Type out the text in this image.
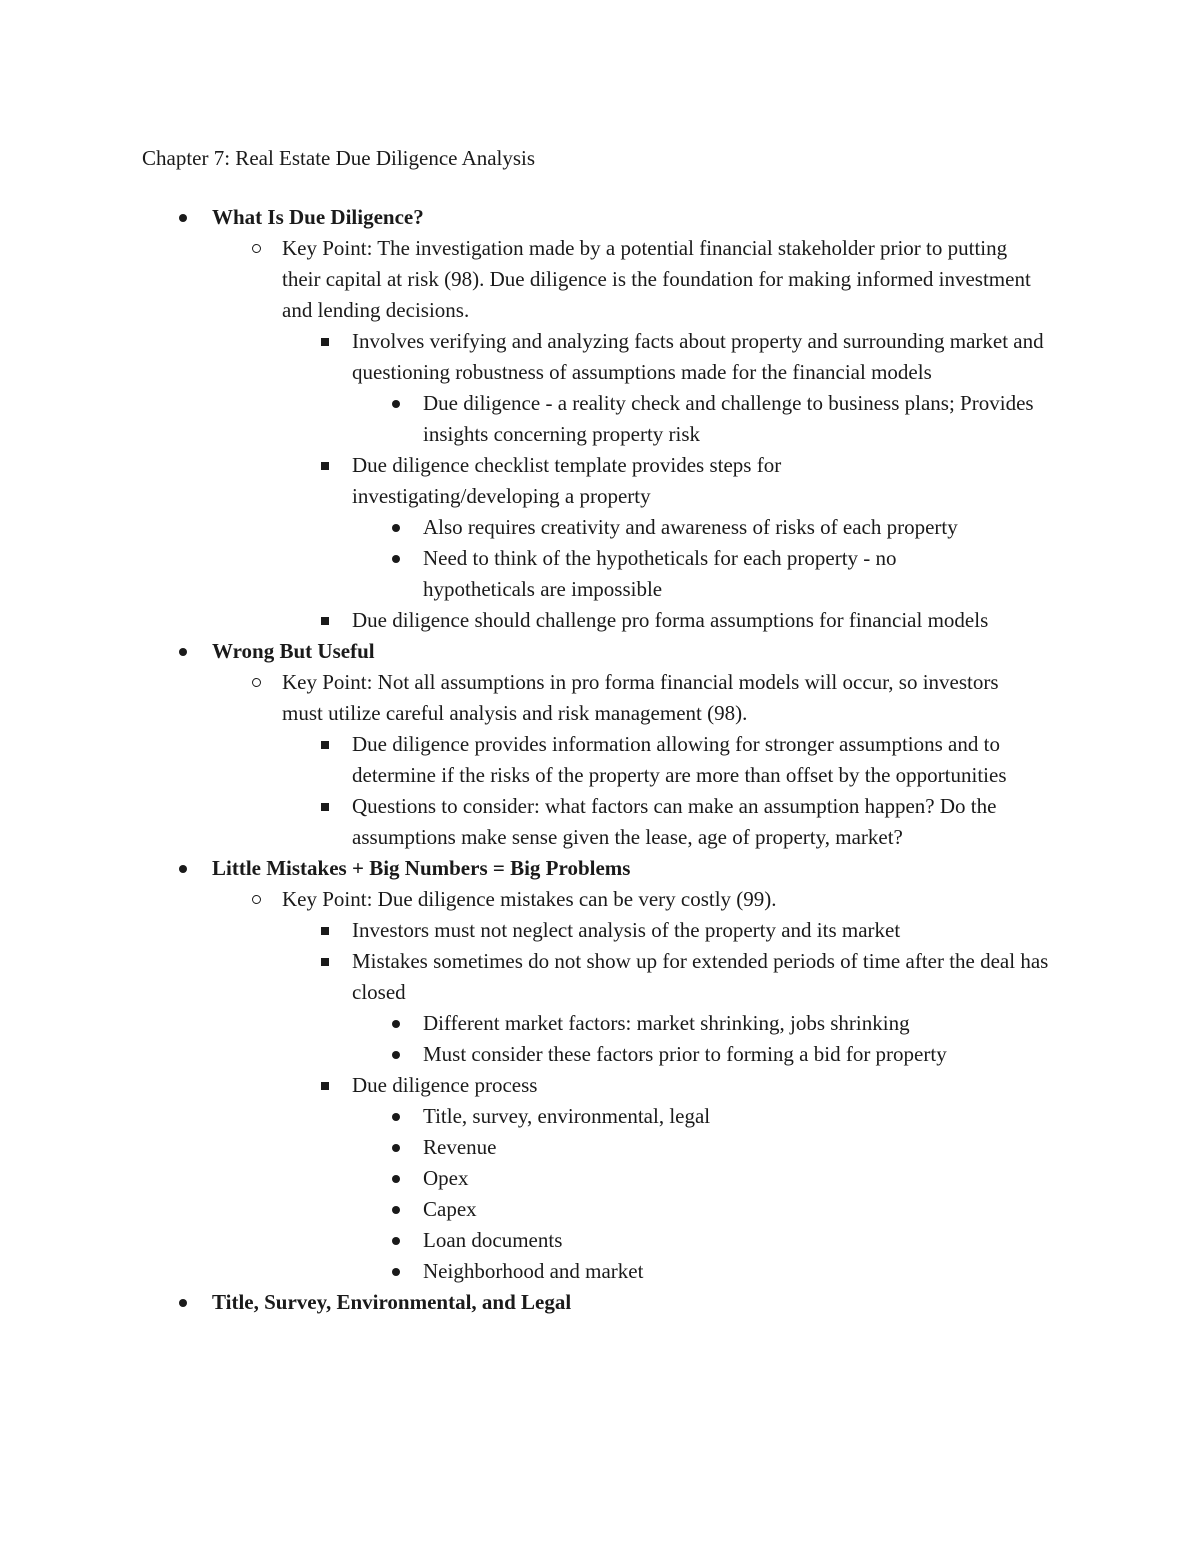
Chapter 7: Real Estate Due Diligence Analysis
What Is Due Diligence?
Key Point: The investigation made by a potential financial stakeholder prior to putting their capital at risk (98). Due diligence is the foundation for making informed investment and lending decisions.
Involves verifying and analyzing facts about property and surrounding market and questioning robustness of assumptions made for the financial models
Due diligence - a reality check and challenge to business plans; Provides insights concerning property risk
Due diligence checklist template provides steps for investigating/developing a property
Also requires creativity and awareness of risks of each property
Need to think of the hypotheticals for each property - no hypotheticals are impossible
Due diligence should challenge pro forma assumptions for financial models
Wrong But Useful
Key Point: Not all assumptions in pro forma financial models will occur, so investors must utilize careful analysis and risk management (98).
Due diligence provides information allowing for stronger assumptions and to determine if the risks of the property are more than offset by the opportunities
Questions to consider: what factors can make an assumption happen? Do the assumptions make sense given the lease, age of property, market?
Little Mistakes + Big Numbers = Big Problems
Key Point: Due diligence mistakes can be very costly (99).
Investors must not neglect analysis of the property and its market
Mistakes sometimes do not show up for extended periods of time after the deal has closed
Different market factors: market shrinking, jobs shrinking
Must consider these factors prior to forming a bid for property
Due diligence process
Title, survey, environmental, legal
Revenue
Opex
Capex
Loan documents
Neighborhood and market
Title, Survey, Environmental, and Legal
